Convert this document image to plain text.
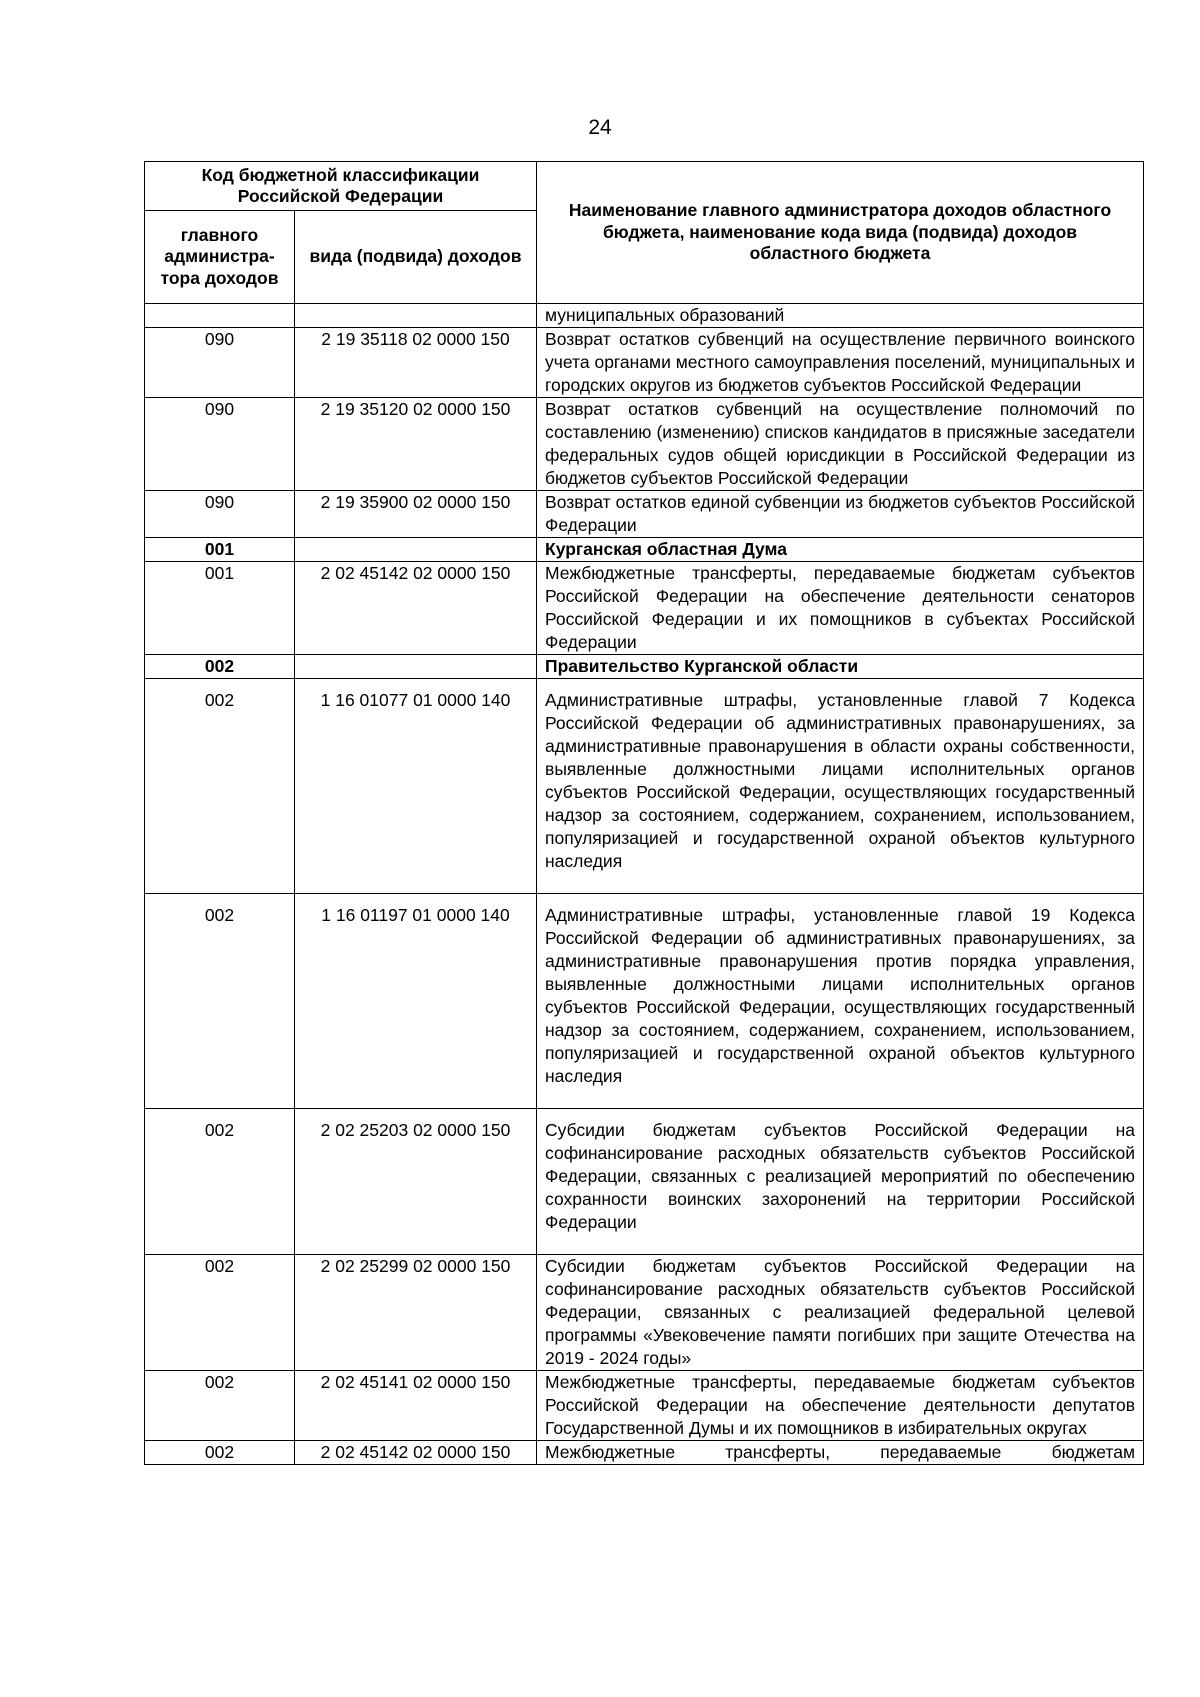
24
Код бюджетной классификации Российской Федерации		Наименование главного администратора доходов областного бюджета, наименование кода вида (подвида) доходов областного бюджета
главного администра-тора доходов	вида (подвида) доходов	
		муниципальных образований
090	2 19 35118 02 0000 150	Возврат остатков субвенций на осуществление первичного воинского учета органами местного самоуправления поселений, муниципальных и городских округов из бюджетов субъектов Российской Федерации
090	2 19 35120 02 0000 150	Возврат остатков субвенций на осуществление полномочий по составлению (изменению) списков кандидатов в присяжные заседатели федеральных судов общей юрисдикции в Российской Федерации из бюджетов субъектов Российской Федерации
090	2 19 35900 02 0000 150	Возврат остатков единой субвенции из бюджетов субъектов Российской Федерации
001		Курганская областная Дума
001	2 02 45142 02 0000 150	Межбюджетные трансферты, передаваемые бюджетам субъектов Российской Федерации на обеспечение деятельности сенаторов Российской Федерации и их помощников в субъектах Российской Федерации
002		Правительство Курганской области
002	1 16 01077 01 0000 140	Административные штрафы, установленные главой 7 Кодекса Российской Федерации об административных правонарушениях, за административные правонарушения в области охраны собственности, выявленные должностными лицами исполнительных органов субъектов Российской Федерации, осуществляющих государственный надзор за состоянием, содержанием, сохранением, использованием, популяризацией и государственной охраной объектов культурного наследия
002	1 16 01197 01 0000 140	Административные штрафы, установленные главой 19 Кодекса Российской Федерации об административных правонарушениях, за административные правонарушения против порядка управления, выявленные должностными лицами исполнительных органов субъектов Российской Федерации, осуществляющих государственный надзор за состоянием, содержанием, сохранением, использованием, популяризацией и государственной охраной объектов культурного наследия
002	2 02 25203 02 0000 150	Субсидии бюджетам субъектов Российской Федерации на софинансирование расходных обязательств субъектов Российской Федерации, связанных с реализацией мероприятий по обеспечению сохранности воинских захоронений на территории Российской Федерации
002	2 02 25299 02 0000 150	Субсидии бюджетам субъектов Российской Федерации на софинансирование расходных обязательств субъектов Российской Федерации, связанных с реализацией федеральной целевой программы «Увековечение памяти погибших при защите Отечества на 2019 - 2024 годы»
002	2 02 45141 02 0000 150	Межбюджетные трансферты, передаваемые бюджетам субъектов Российской Федерации на обеспечение деятельности депутатов Государственной Думы и их помощников в избирательных округах
002	2 02 45142 02 0000 150	Межбюджетные трансферты, передаваемые бюджетам
